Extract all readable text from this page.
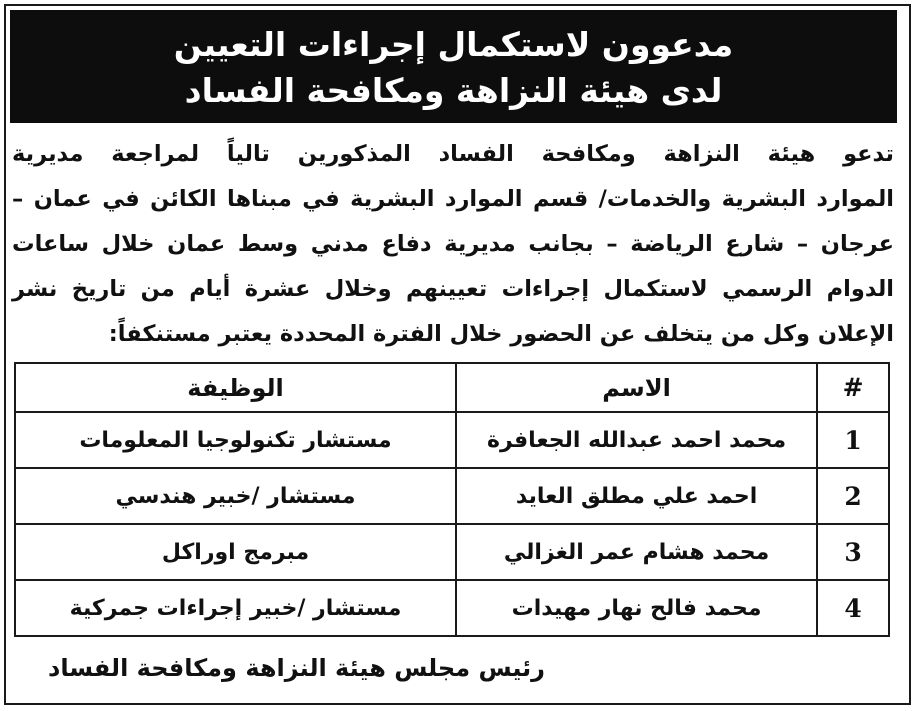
مدعوون لاستكمال إجراءات التعيين
لدى هيئة النزاهة ومكافحة الفساد
تدعو هيئة النزاهة ومكافحة الفساد المذكورين تالياً لمراجعة مديرية
الموارد البشرية والخدمات/ قسم الموارد البشرية في مبناها الكائن في عمان –
عرجان – شارع الرياضة – بجانب مديرية دفاع مدني وسط عمان خلال ساعات
الدوام الرسمي لاستكمال إجراءات تعيينهم وخلال عشرة أيام من تاريخ نشر
الإعلان وكل من يتخلف عن الحضور خلال الفترة المحددة يعتبر مستنكفاً:
#	الاسم	الوظيفة
1	محمد احمد عبدالله الجعافرة	مستشار تكنولوجيا المعلومات
2	احمد علي مطلق العايد	مستشار /خبير هندسي
3	محمد هشام عمر الغزالي	مبرمج اوراكل
4	محمد فالح نهار مهيدات	مستشار /خبير إجراءات جمركية
رئيس مجلس هيئة النزاهة ومكافحة الفساد
